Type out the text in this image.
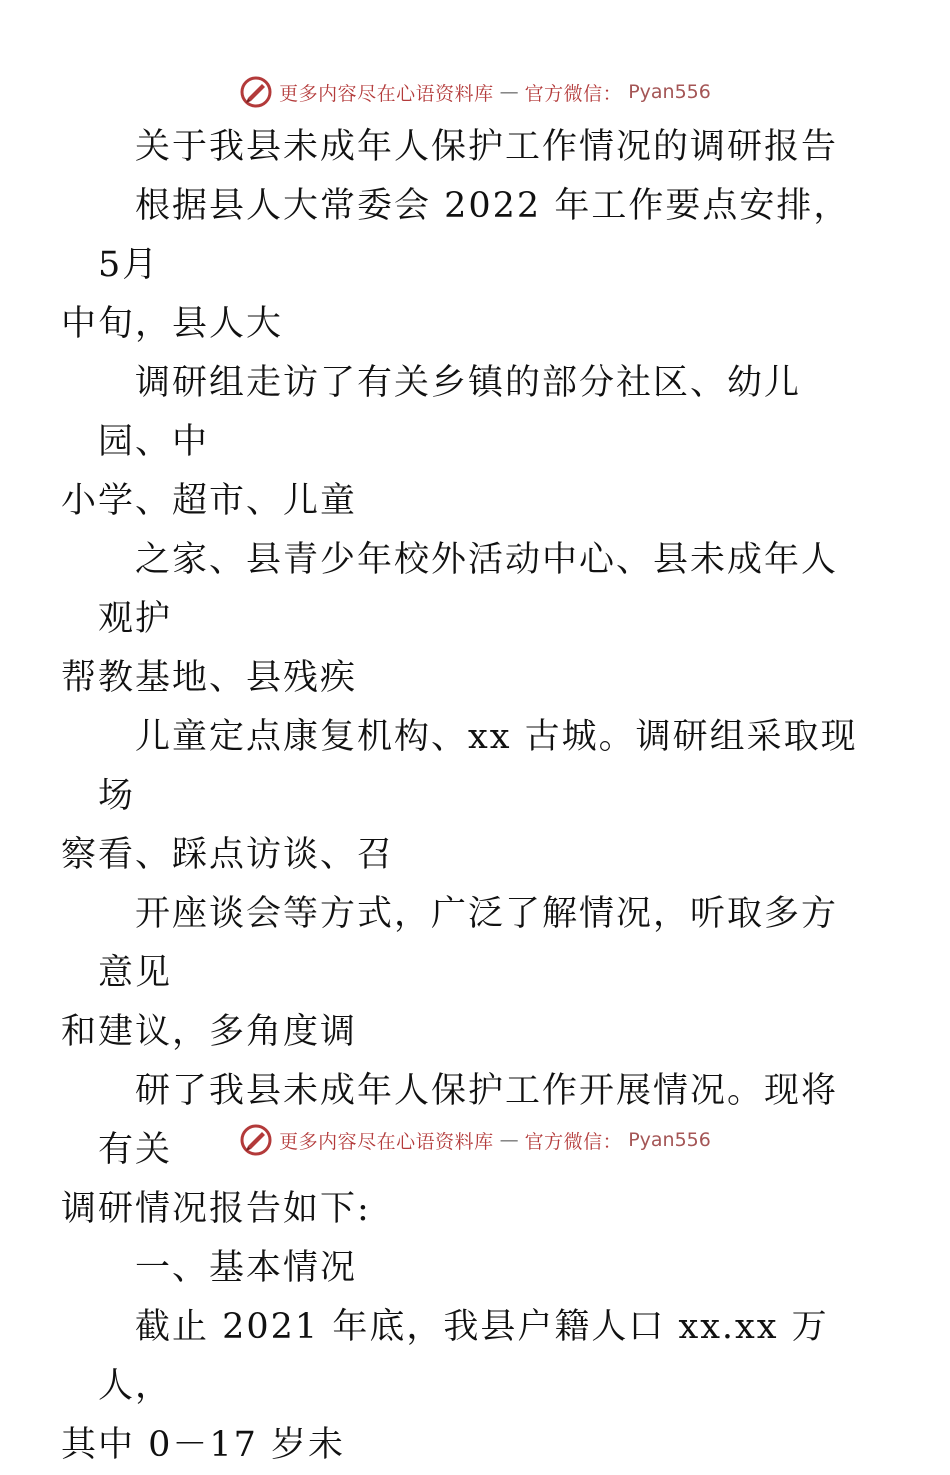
更多内容尽在心语资料库 — 官方微信： Pyan556

关于我县未成年人保护工作情况的调研报告

根据县人大常委会 2022 年工作要点安排，5月
中旬，县人大

调研组走访了有关乡镇的部分社区、幼儿园、中
小学、超市、儿童

之家、县青少年校外活动中心、县未成年人观护
帮教基地、县残疾

儿童定点康复机构、xx 古城。调研组采取现场
察看、踩点访谈、召

开座谈会等方式，广泛了解情况，听取多方意见
和建议，多角度调

研了我县未成年人保护工作开展情况。现将有关
调研情况报告如下:

一、基本情况

截止 2021 年底，我县户籍人口 xx.xx 万人，
其中 0－17 岁未

更多内容尽在心语资料库 — 官方微信： Pyan556
